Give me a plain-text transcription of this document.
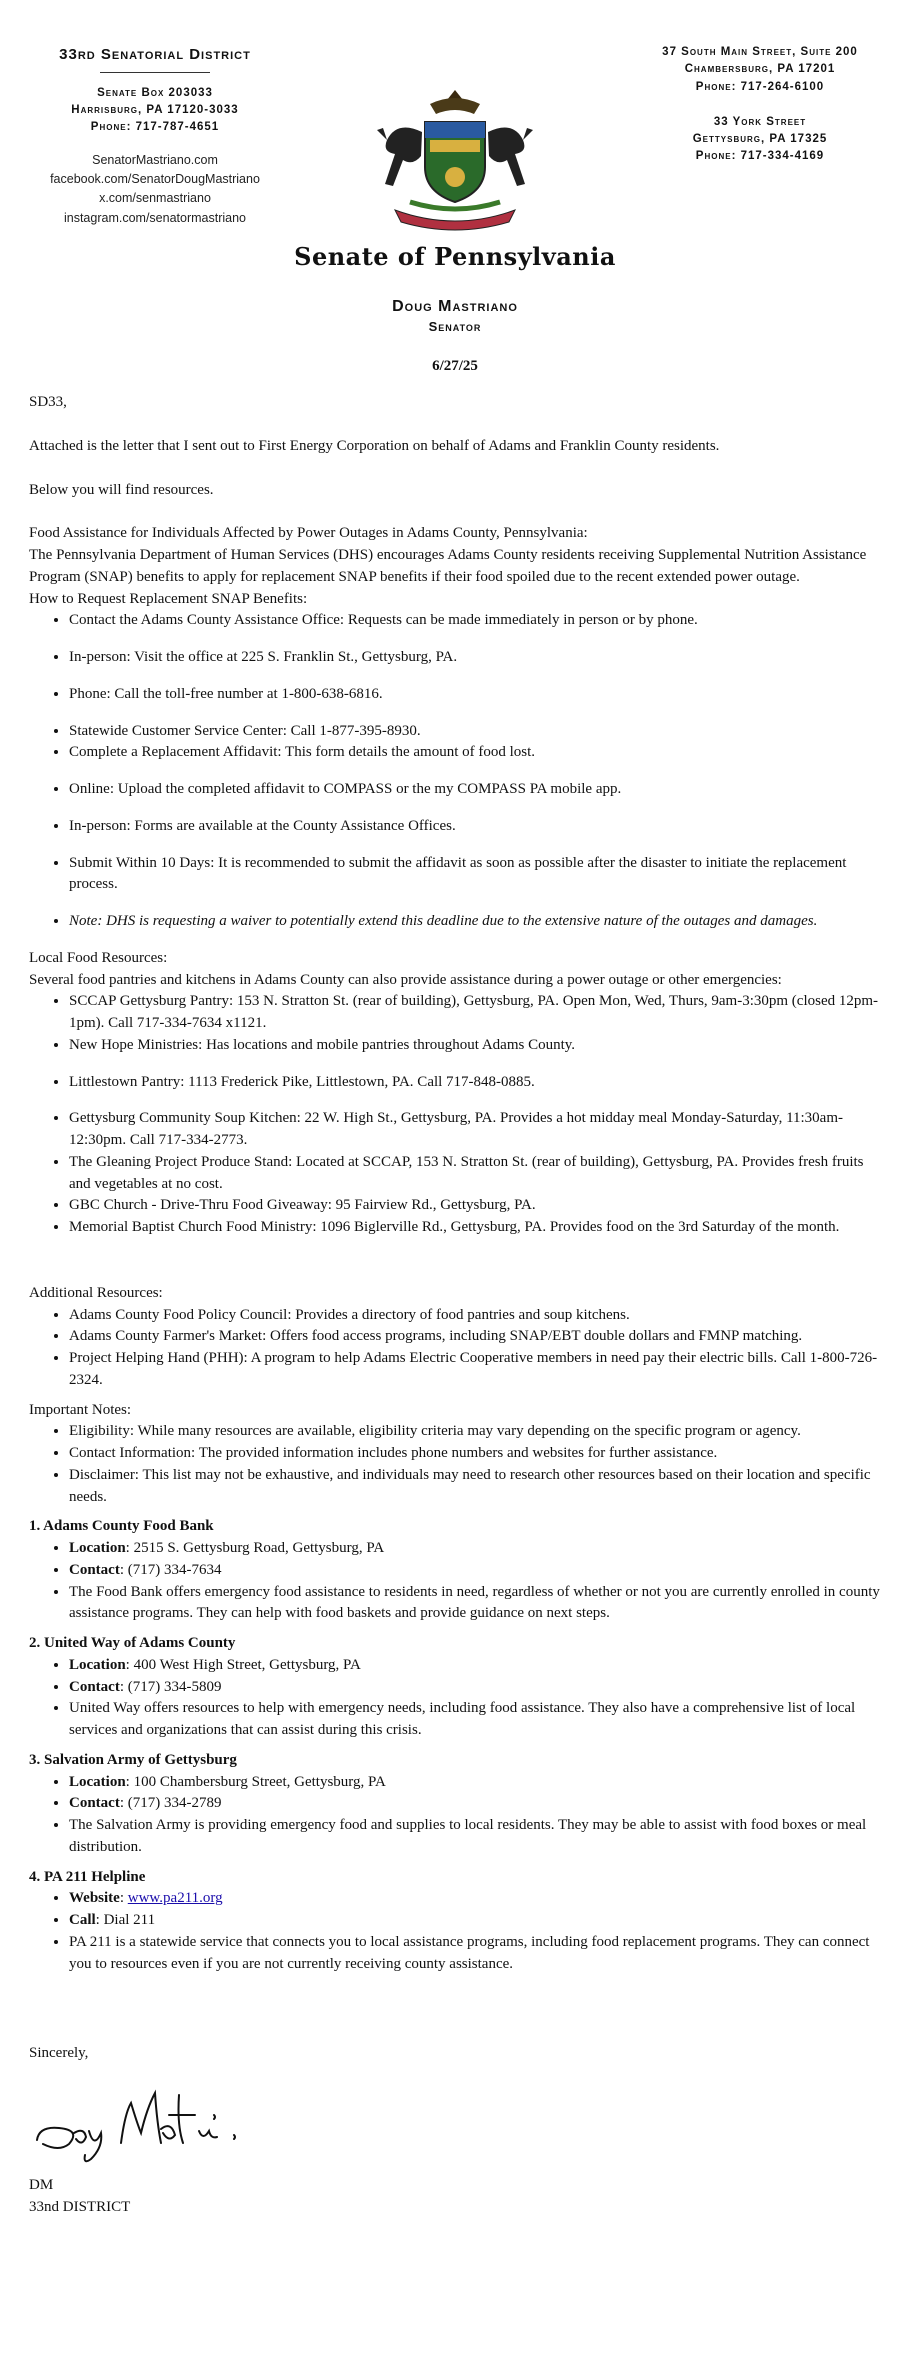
33rd Senatorial District
Senate Box 203033
Harrisburg, PA 17120-3033
Phone: 717-787-4651
SenatorMastriano.com
facebook.com/SenatorDougMastriano
x.com/senmastriano
instagram.com/senatormastriano
37 South Main Street, Suite 200
Chambersburg, PA 17201
Phone: 717-264-6100
33 York Street
Gettysburg, PA 17325
Phone: 717-334-4169
Senate of Pennsylvania
Doug Mastriano
Senator
6/27/25

SD33,

Attached is the letter that I sent out to First Energy Corporation on behalf of Adams and Franklin County residents.

Below you will find resources.

Food Assistance for Individuals Affected by Power Outages in Adams County, Pennsylvania:

The Pennsylvania Department of Human Services (DHS) encourages Adams County residents receiving Supplemental Nutrition Assistance Program (SNAP) benefits to apply for replacement SNAP benefits if their food spoiled due to the recent extended power outage.

How to Request Replacement SNAP Benefits:

• Contact the Adams County Assistance Office: Requests can be made immediately in person or by phone.
• In-person: Visit the office at 225 S. Franklin St., Gettysburg, PA.
• Phone: Call the toll-free number at 1-800-638-6816.
• Statewide Customer Service Center: Call 1-877-395-8930.
• Complete a Replacement Affidavit: This form details the amount of food lost.
• Online: Upload the completed affidavit to COMPASS or the my COMPASS PA mobile app.
• In-person: Forms are available at the County Assistance Offices.
• Submit Within 10 Days: It is recommended to submit the affidavit as soon as possible after the disaster to initiate the replacement process.
• Note: DHS is requesting a waiver to potentially extend this deadline due to the extensive nature of the outages and damages.

Local Food Resources:

Several food pantries and kitchens in Adams County can also provide assistance during a power outage or other emergencies:

• SCCAP Gettysburg Pantry: 153 N. Stratton St. (rear of building), Gettysburg, PA. Open Mon, Wed, Thurs, 9am-3:30pm (closed 12pm-1pm). Call 717-334-7634 x1121.
• New Hope Ministries: Has locations and mobile pantries throughout Adams County.
• Littlestown Pantry: 1113 Frederick Pike, Littlestown, PA. Call 717-848-0885.
• Gettysburg Community Soup Kitchen: 22 W. High St., Gettysburg, PA. Provides a hot midday meal Monday-Saturday, 11:30am-12:30pm. Call 717-334-2773.
• The Gleaning Project Produce Stand: Located at SCCAP, 153 N. Stratton St. (rear of building), Gettysburg, PA. Provides fresh fruits and vegetables at no cost.
• GBC Church - Drive-Thru Food Giveaway: 95 Fairview Rd., Gettysburg, PA.
• Memorial Baptist Church Food Ministry: 1096 Biglerville Rd., Gettysburg, PA. Provides food on the 3rd Saturday of the month.

Additional Resources:

• Adams County Food Policy Council: Provides a directory of food pantries and soup kitchens.
• Adams County Farmer's Market: Offers food access programs, including SNAP/EBT double dollars and FMNP matching.
• Project Helping Hand (PHH): A program to help Adams Electric Cooperative members in need pay their electric bills. Call 1-800-726-2324.

Important Notes:

• Eligibility: While many resources are available, eligibility criteria may vary depending on the specific program or agency.
• Contact Information: The provided information includes phone numbers and websites for further assistance.
• Disclaimer: This list may not be exhaustive, and individuals may need to research other resources based on their location and specific needs.
1. Adams County Food Bank
• Location: 2515 S. Gettysburg Road, Gettysburg, PA
• Contact: (717) 334-7634
• The Food Bank offers emergency food assistance to residents in need, regardless of whether or not you are currently enrolled in county assistance programs. They can help with food baskets and provide guidance on next steps.
2. United Way of Adams County
• Location: 400 West High Street, Gettysburg, PA
• Contact: (717) 334-5809
• United Way offers resources to help with emergency needs, including food assistance. They also have a comprehensive list of local services and organizations that can assist during this crisis.
3. Salvation Army of Gettysburg
• Location: 100 Chambersburg Street, Gettysburg, PA
• Contact: (717) 334-2789
• The Salvation Army is providing emergency food and supplies to local residents. They may be able to assist with food boxes or meal distribution.
4. PA 211 Helpline
• Website: www.pa211.org
• Call: Dial 211
• PA 211 is a statewide service that connects you to local assistance programs, including food replacement programs. They can connect you to resources even if you are not currently receiving county assistance.

Sincerely,

DM

33nd DISTRICT
